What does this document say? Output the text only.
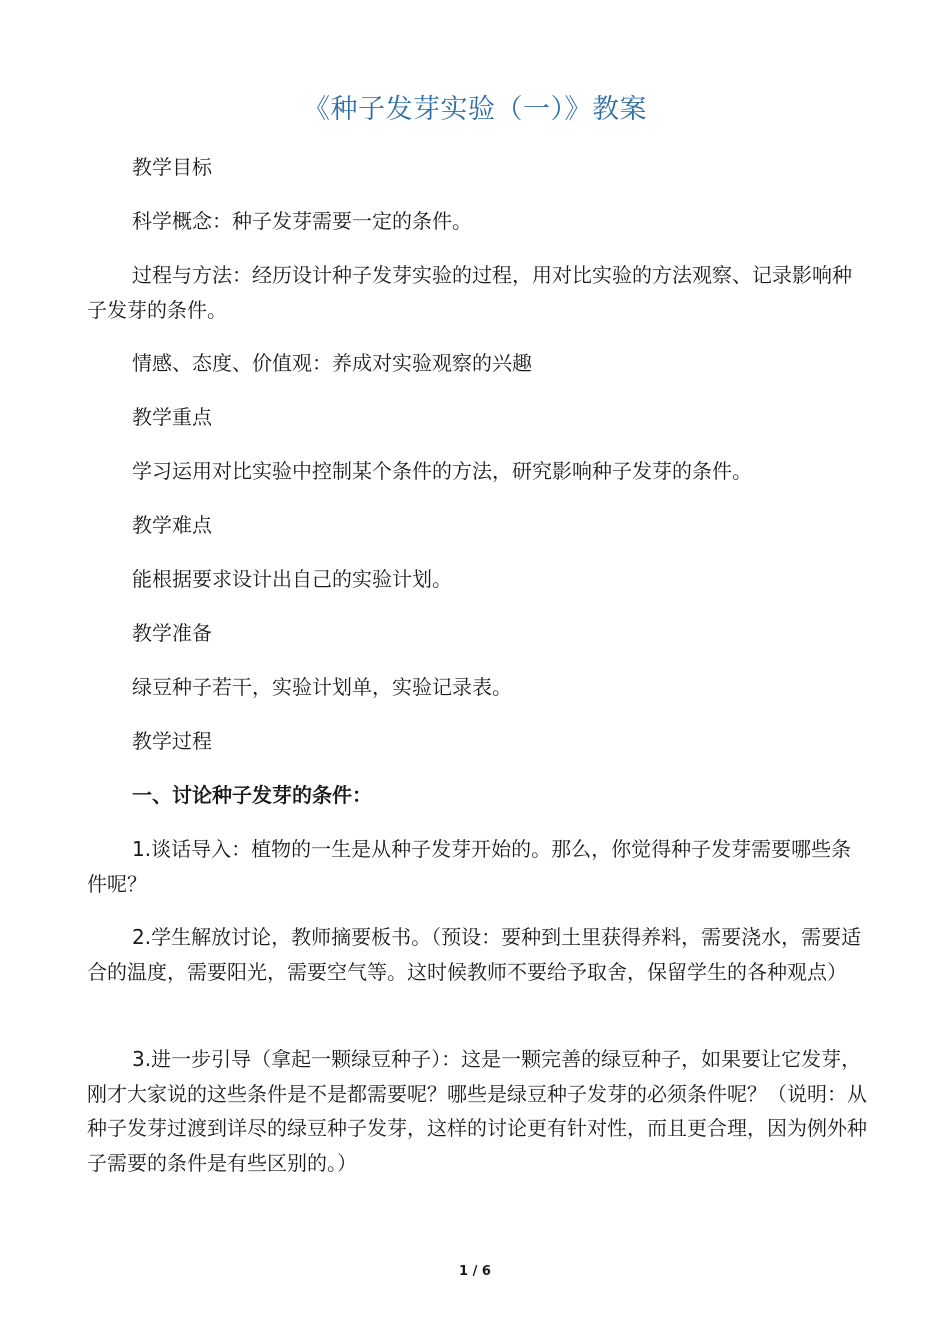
《种子发芽实验（一）》教案

教学目标

科学概念：种子发芽需要一定的条件。

过程与方法：经历设计种子发芽实验的过程，用对比实验的方法观察、记录影响种子发芽的条件。

情感、态度、价值观：养成对实验观察的兴趣

教学重点

学习运用对比实验中控制某个条件的方法，研究影响种子发芽的条件。

教学难点

能根据要求设计出自己的实验计划。

教学准备

绿豆种子若干，实验计划单，实验记录表。

教学过程

一、讨论种子发芽的条件：

1.谈话导入：植物的一生是从种子发芽开始的。那么，你觉得种子发芽需要哪些条件呢？

2.学生解放讨论，教师摘要板书。（预设：要种到土里获得养料，需要浇水，需要适合的温度，需要阳光，需要空气等。这时候教师不要给予取舍，保留学生的各种观点）

3.进一步引导（拿起一颗绿豆种子）：这是一颗完善的绿豆种子，如果要让它发芽，刚才大家说的这些条件是不是都需要呢？哪些是绿豆种子发芽的必须条件呢？（说明：从种子发芽过渡到详尽的绿豆种子发芽，这样的讨论更有针对性，而且更合理，因为例外种子需要的条件是有些区别的。）

1 / 6
